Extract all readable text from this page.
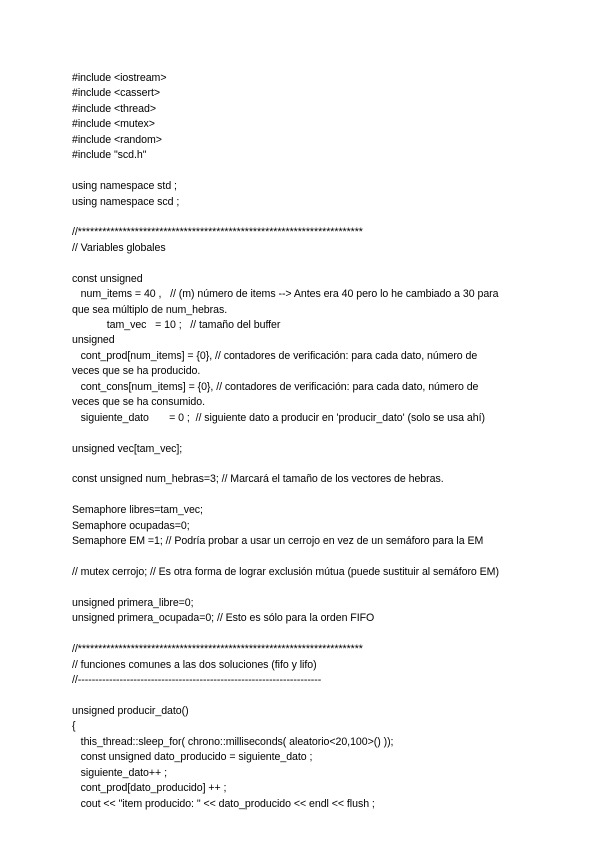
#include <iostream>
#include <cassert>
#include <thread>
#include <mutex>
#include <random>
#include "scd.h"
using namespace std ;
using namespace scd ;
//**********************************************************************
// Variables globales
const unsigned
num_items = 40 ,   // (m) número de items --> Antes era 40 pero lo he cambiado a 30 para
que sea múltiplo de num_hebras.
tam_vec   = 10 ;   // tamaño del buffer
unsigned
cont_prod[num_items] = {0}, // contadores de verificación: para cada dato, número de
veces que se ha producido.
cont_cons[num_items] = {0}, // contadores de verificación: para cada dato, número de
veces que se ha consumido.
siguiente_dato       = 0 ;  // siguiente dato a producir en 'producir_dato' (solo se usa ahí)
unsigned vec[tam_vec];
const unsigned num_hebras=3; // Marcará el tamaño de los vectores de hebras.
Semaphore libres=tam_vec;
Semaphore ocupadas=0;
Semaphore EM =1; // Podría probar a usar un cerrojo en vez de un semáforo para la EM
// mutex cerrojo; // Es otra forma de lograr exclusión mútua (puede sustituir al semáforo EM)
unsigned primera_libre=0;
unsigned primera_ocupada=0; // Esto es sólo para la orden FIFO
//**********************************************************************
// funciones comunes a las dos soluciones (fifo y lifo)
//----------------------------------------------------------------------
unsigned producir_dato()
{
this_thread::sleep_for( chrono::milliseconds( aleatorio<20,100>() ));
const unsigned dato_producido = siguiente_dato ;
siguiente_dato++ ;
cont_prod[dato_producido] ++ ;
cout << "item producido: " << dato_producido << endl << flush ;
